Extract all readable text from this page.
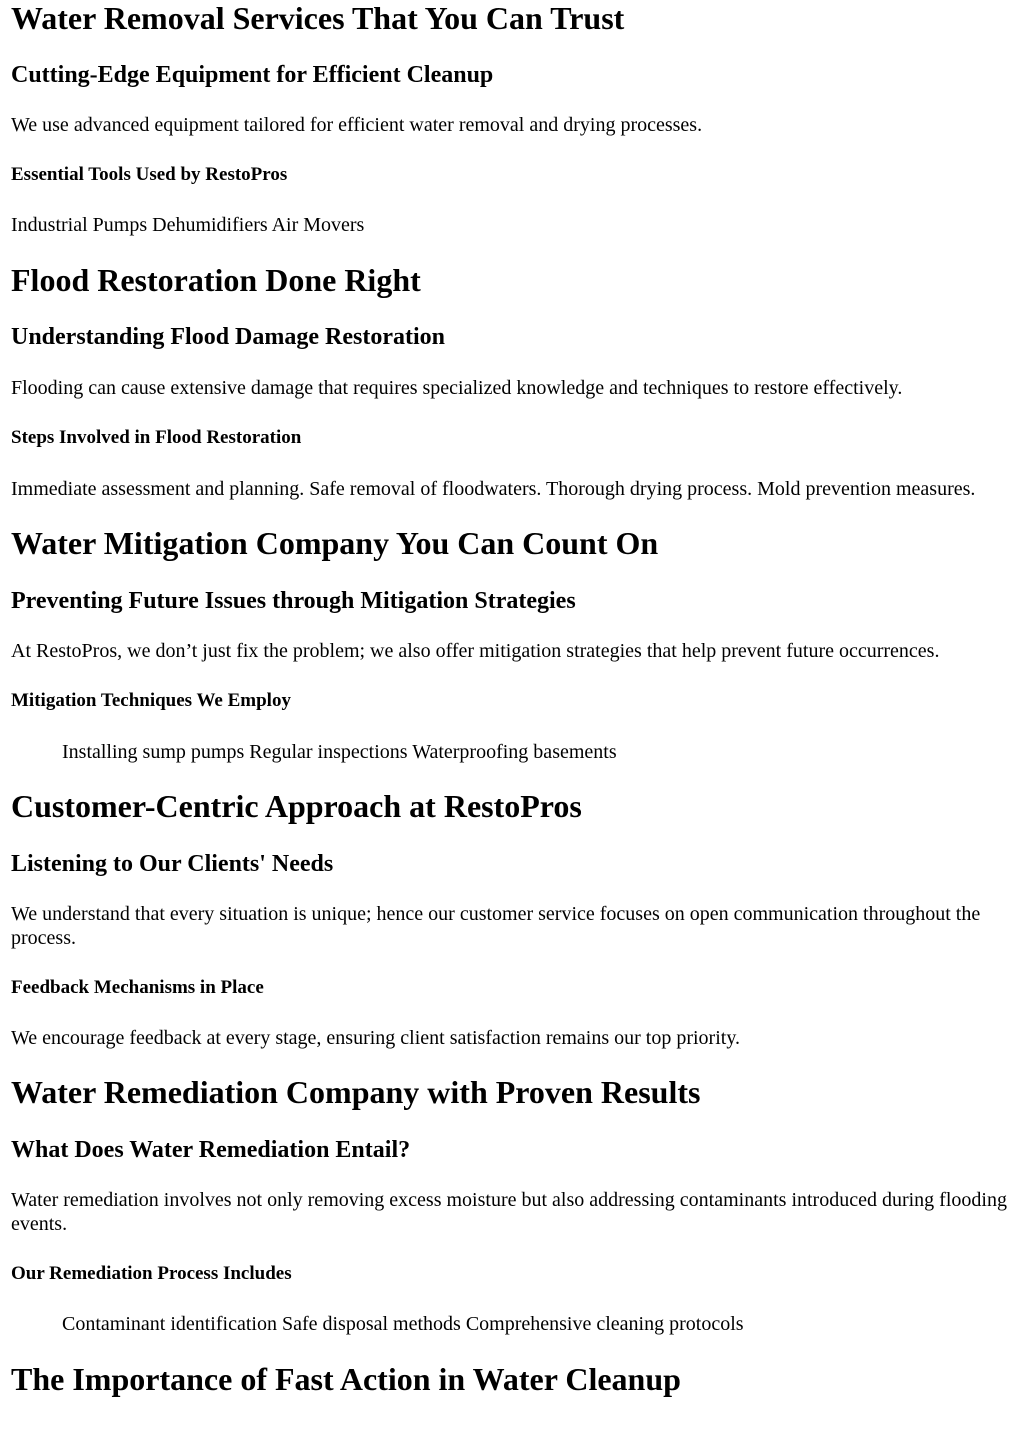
Water Removal Services That You Can Trust
Cutting-Edge Equipment for Efficient Cleanup

We use advanced equipment tailored for efficient water removal and drying processes.

Essential Tools Used by RestoPros
Industrial Pumps Dehumidifiers Air Movers
Flood Restoration Done Right
Understanding Flood Damage Restoration

Flooding can cause extensive damage that requires specialized knowledge and techniques to restore effectively.

Steps Involved in Flood Restoration
Immediate assessment and planning. Safe removal of floodwaters. Thorough drying process. Mold prevention measures.
Water Mitigation Company You Can Count On
Preventing Future Issues through Mitigation Strategies

At RestoPros, we don’t just fix the problem; we also offer mitigation strategies that help prevent future occurrences.

Mitigation Techniques We Employ
Installing sump pumps Regular inspections Waterproofing basements
Customer-Centric Approach at RestoPros
Listening to Our Clients' Needs

We understand that every situation is unique; hence our customer service focuses on open communication throughout the process.

Feedback Mechanisms in Place

We encourage feedback at every stage, ensuring client satisfaction remains our top priority.

Water Remediation Company with Proven Results
What Does Water Remediation Entail?

Water remediation involves not only removing excess moisture but also addressing contaminants introduced during flooding events.

Our Remediation Process Includes
Contaminant identification Safe disposal methods Comprehensive cleaning protocols
The Importance of Fast Action in Water Cleanup
